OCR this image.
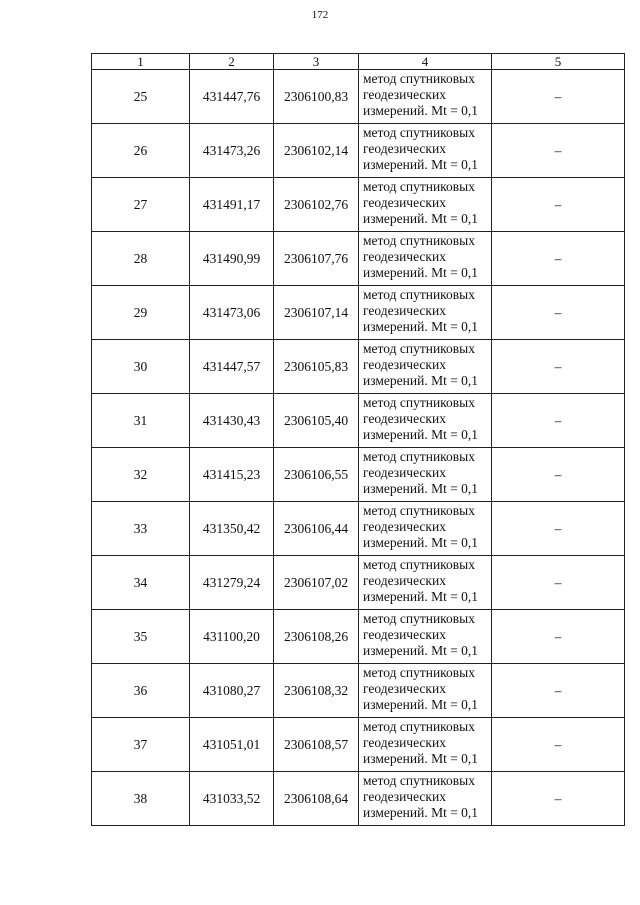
172
1	2	3	4	5
25	431447,76	2306100,83	метод спутниковых
геодезических
измерений. Mt = 0,1	–
26	431473,26	2306102,14	метод спутниковых
геодезических
измерений. Mt = 0,1	–
27	431491,17	2306102,76	метод спутниковых
геодезических
измерений. Mt = 0,1	–
28	431490,99	2306107,76	метод спутниковых
геодезических
измерений. Mt = 0,1	–
29	431473,06	2306107,14	метод спутниковых
геодезических
измерений. Mt = 0,1	–
30	431447,57	2306105,83	метод спутниковых
геодезических
измерений. Mt = 0,1	–
31	431430,43	2306105,40	метод спутниковых
геодезических
измерений. Mt = 0,1	–
32	431415,23	2306106,55	метод спутниковых
геодезических
измерений. Mt = 0,1	–
33	431350,42	2306106,44	метод спутниковых
геодезических
измерений. Mt = 0,1	–
34	431279,24	2306107,02	метод спутниковых
геодезических
измерений. Mt = 0,1	–
35	431100,20	2306108,26	метод спутниковых
геодезических
измерений. Mt = 0,1	–
36	431080,27	2306108,32	метод спутниковых
геодезических
измерений. Mt = 0,1	–
37	431051,01	2306108,57	метод спутниковых
геодезических
измерений. Mt = 0,1	–
38	431033,52	2306108,64	метод спутниковых
геодезических
измерений. Mt = 0,1	–
